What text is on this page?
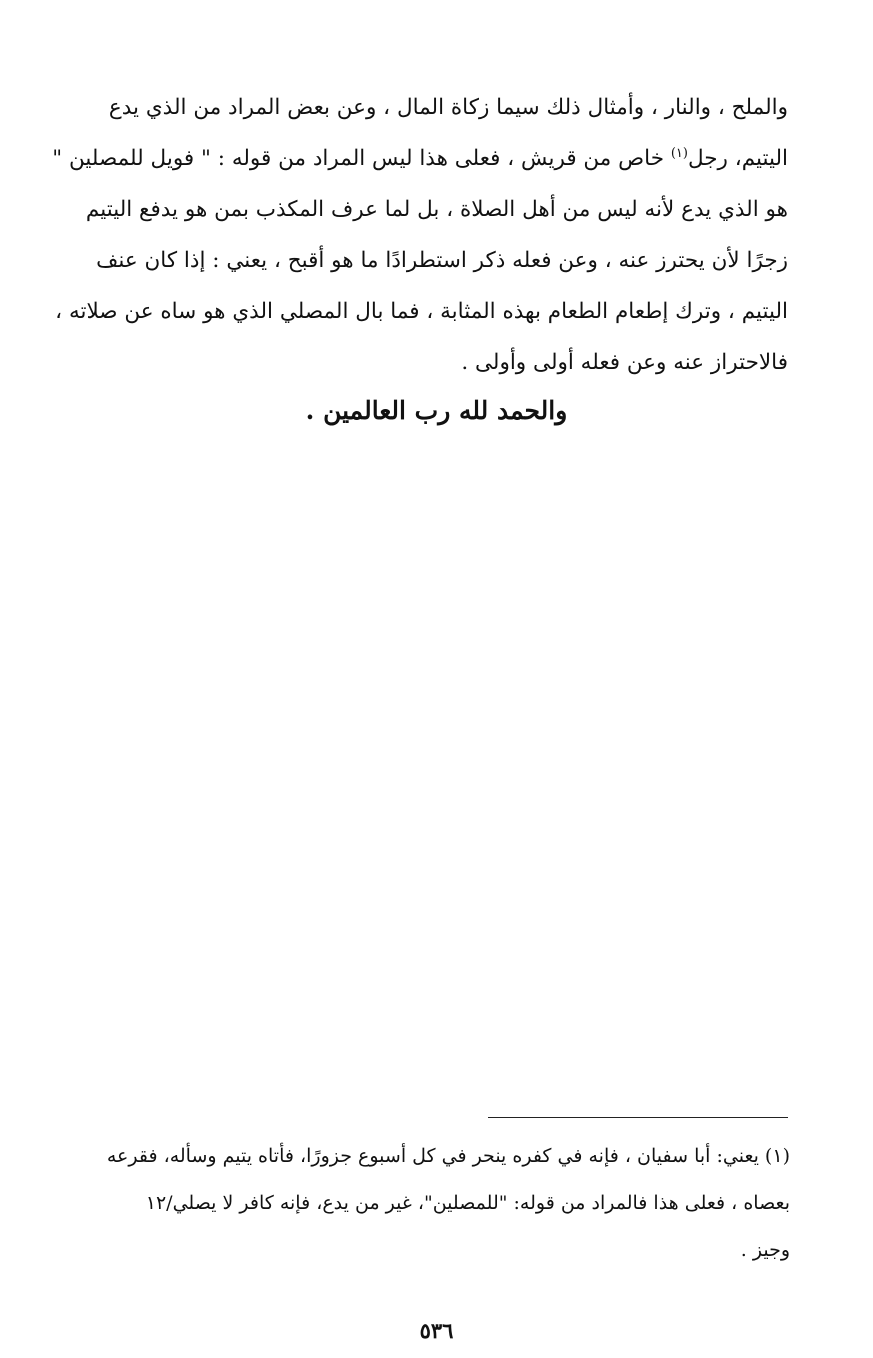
والملح ، والنار ، وأمثال ذلك سيما زكاة المال ، وعن بعض المراد من الذي يدع
اليتيم، رجل$^{(١)}$ خاص من قريش ، فعلى هذا ليس المراد من قوله : " فويل للمصلين "
هو الذي يدع لأنه ليس من أهل الصلاة ، بل لما عرف المكذب بمن هو يدفع اليتيم
زجرًا لأن يحترز عنه ، وعن فعله ذكر استطرادًا ما هو أقبح ، يعني : إذا كان عنف
اليتيم ، وترك إطعام الطعام بهذه المثابة ، فما بال المصلي الذي هو ساه عن صلاته ،
فالاحتراز عنه وعن فعله أولى وأولى .

والحمد لله رب العالمين .

(١) يعني: أبا سفيان ، فإنه في كفره ينحر في كل أسبوع جزورًا، فأتاه يتيم وسأله، فقرعه
بعصاه ، فعلى هذا فالمراد من قوله: "للمصلين"، غير من يدع، فإنه كافر لا يصلي/١٢
وجيز .
٥٣٦
